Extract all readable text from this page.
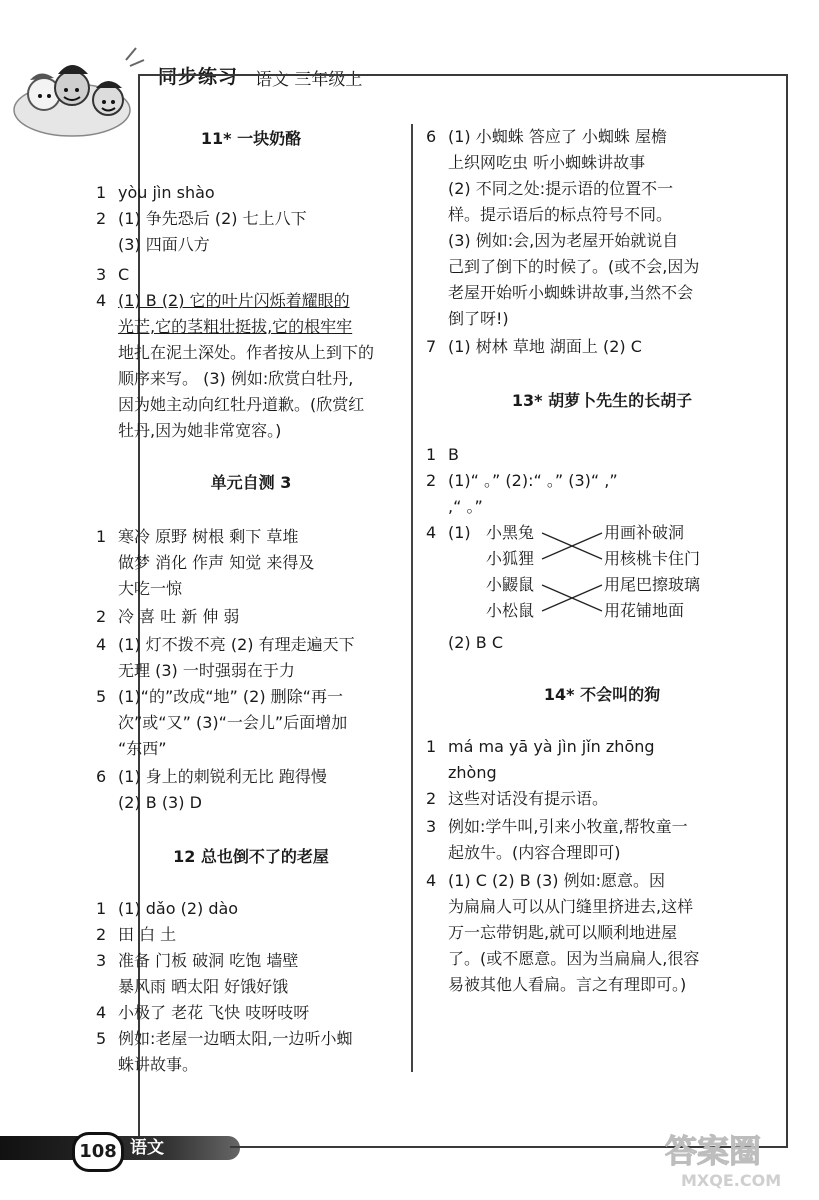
同步练习 语文 三年级上
11* 一块奶酪
1 yòu jìn shào
2 (1) 争先恐后 (2) 七上八下
(3) 四面八方
3 C
4 (1) B (2) 它的叶片闪烁着耀眼的
光芒,它的茎粗壮挺拔,它的根牢牢
地扎在泥土深处。作者按从上到下的
顺序来写。 (3) 例如:欣赏白牡丹,
因为她主动向红牡丹道歉。(欣赏红
牡丹,因为她非常宽容。)
单元自测 3
1 寒冷 原野 树根 剩下 草堆
做梦 消化 作声 知觉 来得及
大吃一惊
2 冷 喜 吐 新 伸 弱
4 (1) 灯不拨不亮 (2) 有理走遍天下
无理 (3) 一时强弱在于力
5 (1)“的”改成“地” (2) 删除“再一
次”或“又” (3)“一会儿”后面增加
“东西”
6 (1) 身上的刺锐利无比 跑得慢
(2) B (3) D
12 总也倒不了的老屋
1 (1) dǎo (2) dào
2 田 白 土
3 准备 门板 破洞 吃饱 墙壁
暴风雨 晒太阳 好饿好饿
4 小极了 老花 飞快 吱呀吱呀
5 例如:老屋一边晒太阳,一边听小蜘
蛛讲故事。
6 (1) 小蜘蛛 答应了 小蜘蛛 屋檐
上织网吃虫 听小蜘蛛讲故事
(2) 不同之处:提示语的位置不一
样。提示语后的标点符号不同。
(3) 例如:会,因为老屋开始就说自
己到了倒下的时候了。(或不会,因为
老屋开始听小蜘蛛讲故事,当然不会
倒了呀!)
7 (1) 树林 草地 湖面上 (2) C
13* 胡萝卜先生的长胡子
1 B
2 (1)“ 。” (2):“ 。” (3)“ ,”
,“ 。”
4 (1) 小黑兔
小狐狸
小鼹鼠
小松鼠
用画补破洞
用核桃卡住门
用尾巴擦玻璃
用花铺地面
(2) B C
14* 不会叫的狗
1 má ma yā yà jìn jǐn zhōng
zhòng
2 这些对话没有提示语。
3 例如:学牛叫,引来小牧童,帮牧童一
起放牛。(内容合理即可)
4 (1) C (2) B (3) 例如:愿意。因
为扁扁人可以从门缝里挤进去,这样
万一忘带钥匙,就可以顺利地进屋
了。(或不愿意。因为当扁扁人,很容
易被其他人看扁。言之有理即可。)
108 语文	答案圈
MXQE.COM
